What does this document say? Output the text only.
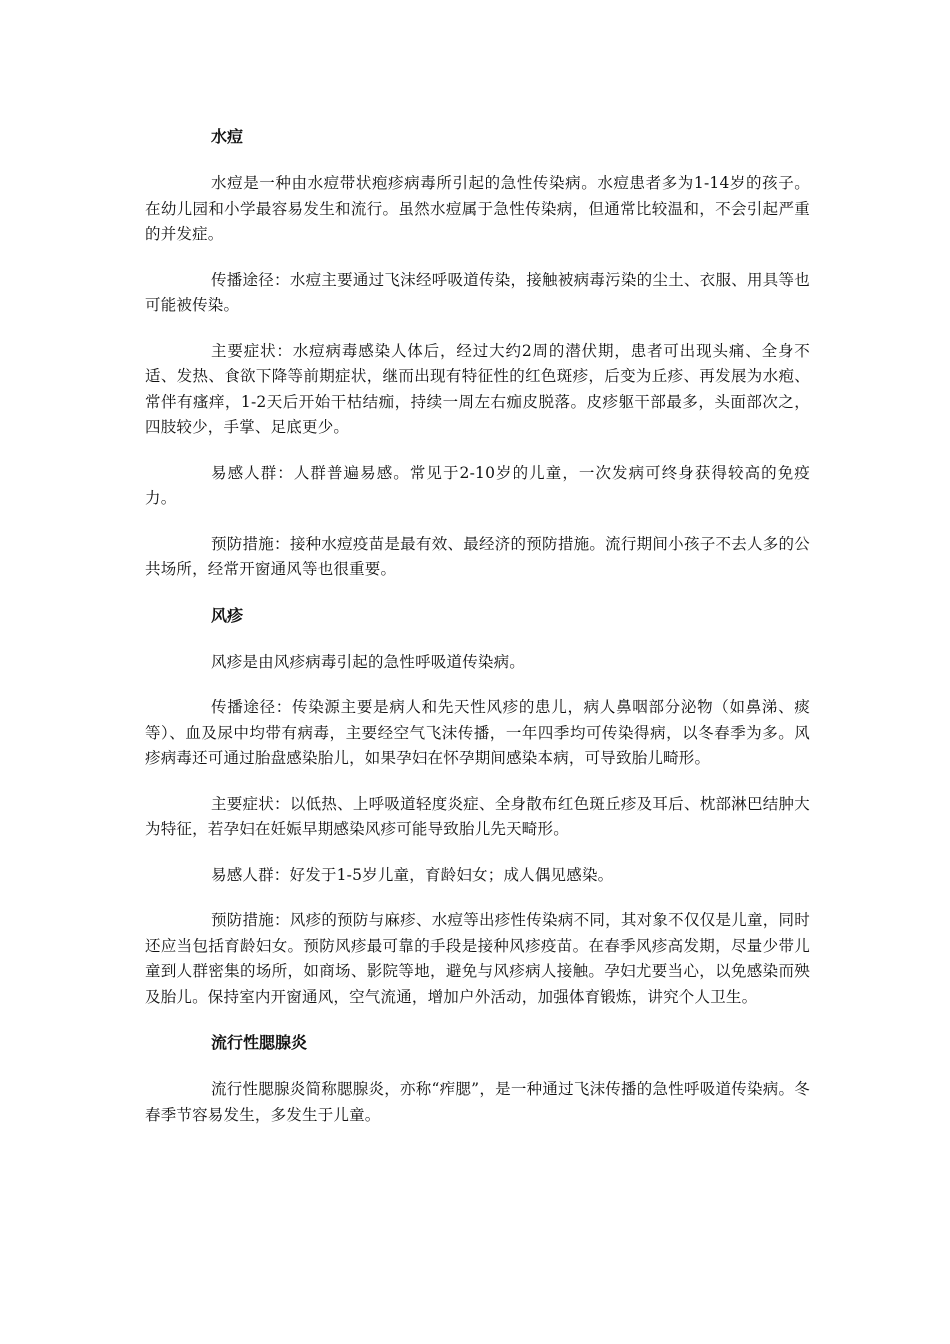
水痘

水痘是一种由水痘带状疱疹病毒所引起的急性传染病。水痘患者多为1-14岁的孩子。在幼儿园和小学最容易发生和流行。虽然水痘属于急性传染病，但通常比较温和，不会引起严重的并发症。

传播途径：水痘主要通过飞沫经呼吸道传染，接触被病毒污染的尘土、衣服、用具等也可能被传染。

主要症状：水痘病毒感染人体后，经过大约2周的潜伏期，患者可出现头痛、全身不适、发热、食欲下降等前期症状，继而出现有特征性的红色斑疹，后变为丘疹、再发展为水疱、常伴有瘙痒，1-2天后开始干枯结痂，持续一周左右痂皮脱落。皮疹躯干部最多，头面部次之，四肢较少，手掌、足底更少。

易感人群：人群普遍易感。常见于2-10岁的儿童，一次发病可终身获得较高的免疫力。

预防措施：接种水痘疫苗是最有效、最经济的预防措施。流行期间小孩子不去人多的公共场所，经常开窗通风等也很重要。

风疹

风疹是由风疹病毒引起的急性呼吸道传染病。

传播途径：传染源主要是病人和先天性风疹的患儿，病人鼻咽部分泌物（如鼻涕、痰等）、血及尿中均带有病毒，主要经空气飞沫传播，一年四季均可传染得病，以冬春季为多。风疹病毒还可通过胎盘感染胎儿，如果孕妇在怀孕期间感染本病，可导致胎儿畸形。

主要症状：以低热、上呼吸道轻度炎症、全身散布红色斑丘疹及耳后、枕部淋巴结肿大为特征，若孕妇在妊娠早期感染风疹可能导致胎儿先天畸形。

易感人群：好发于1-5岁儿童，育龄妇女；成人偶见感染。

预防措施：风疹的预防与麻疹、水痘等出疹性传染病不同，其对象不仅仅是儿童，同时还应当包括育龄妇女。预防风疹最可靠的手段是接种风疹疫苗。在春季风疹高发期，尽量少带儿童到人群密集的场所，如商场、影院等地，避免与风疹病人接触。孕妇尤要当心，以免感染而殃及胎儿。保持室内开窗通风，空气流通，增加户外活动，加强体育锻炼，讲究个人卫生。

流行性腮腺炎

流行性腮腺炎简称腮腺炎，亦称“痄腮”，是一种通过飞沫传播的急性呼吸道传染病。冬春季节容易发生，多发生于儿童。
